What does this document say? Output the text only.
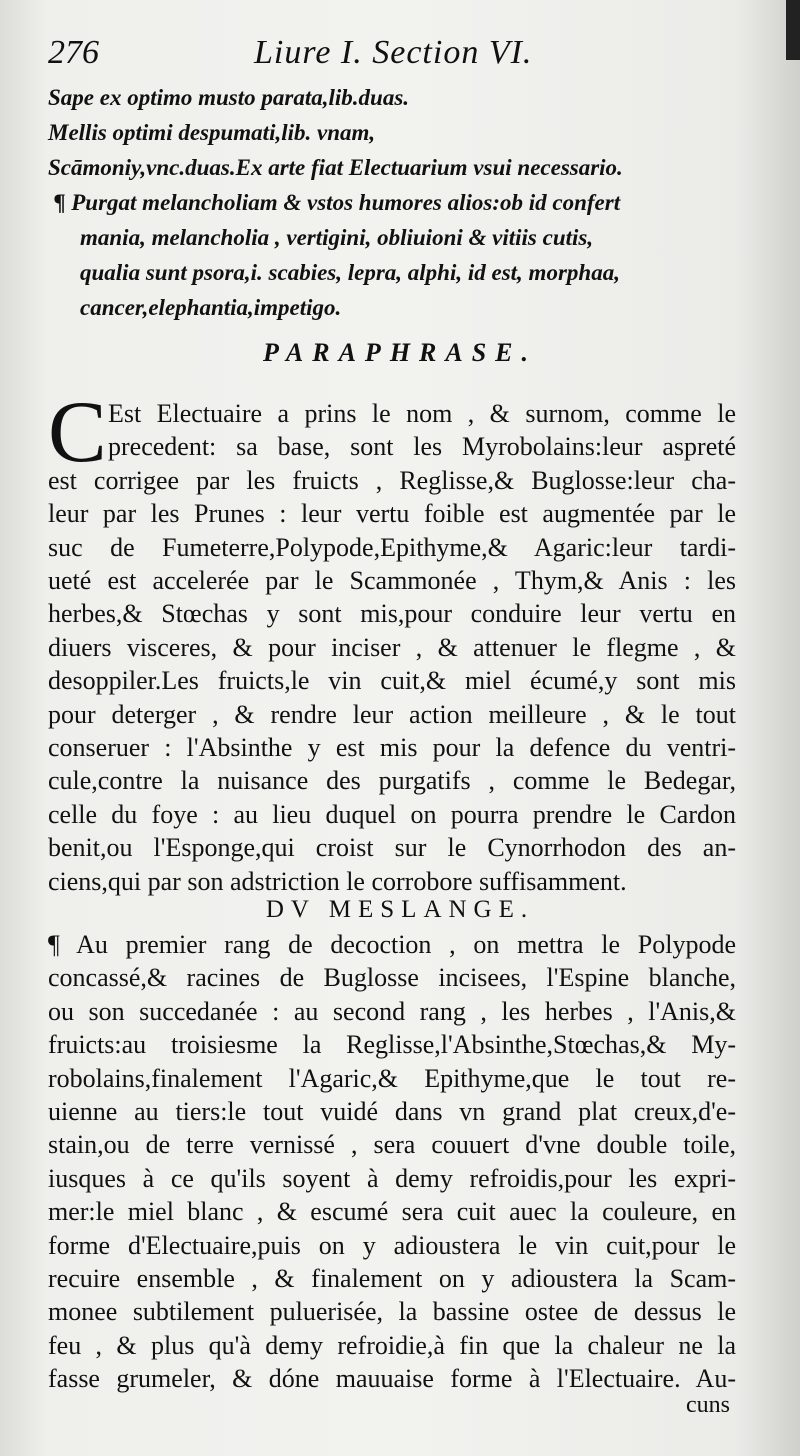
276	Liure I. Section VI.
Sape ex optimo musto parata,lib.duas.
Mellis optimi despumati,lib. vnam,
Scāmoniy,vnc.duas.Ex arte fiat Electuarium vsui necessario.
¶ Purgat melancholiam & vstos humores alios:ob id confert
mania, melancholia , vertigini, obliuioni & vitiis cutis,
qualia sunt psora,i. scabies, lepra, alphi, id est, morphaa,
cancer,elephantia,impetigo.
PARAPHRASE.
C Est Electuaire a prins le nom , & surnom, comme le
precedent: sa base, sont les Myrobolains:leur aspreté
est corrigee par les fruicts , Reglisse,& Buglosse:leur cha-
leur par les Prunes : leur vertu foible est augmentée par le
suc de Fumeterre,Polypode,Epithyme,& Agaric:leur tardi-
ueté est accelerée par le Scammonée , Thym,& Anis : les
herbes,& Stœchas y sont mis,pour conduire leur vertu en
diuers visceres, & pour inciser , & attenuer le flegme , &
desoppiler.Les fruicts,le vin cuit,& miel écumé,y sont mis
pour deterger , & rendre leur action meilleure , & le tout
conseruer : l'Absinthe y est mis pour la defence du ventri-
cule,contre la nuisance des purgatifs , comme le Bedegar,
celle du foye : au lieu duquel on pourra prendre le Cardon
benit,ou l'Esponge,qui croist sur le Cynorrhodon des an-
ciens,qui par son adstriction le corrobore suffisamment.
DV MESLANGE.
¶ Au premier rang de decoction , on mettra le Polypode
concassé,& racines de Buglosse incisees, l'Espine blanche,
ou son succedanée : au second rang , les herbes , l'Anis,&
fruicts:au troisiesme la Reglisse,l'Absinthe,Stœchas,& My-
robolains,finalement l'Agaric,& Epithyme,que le tout re-
uienne au tiers:le tout vuidé dans vn grand plat creux,d'e-
stain,ou de terre vernissé , sera couuert d'vne double toile,
iusques à ce qu'ils soyent à demy refroidis,pour les expri-
mer:le miel blanc , & escumé sera cuit auec la couleure, en
forme d'Electuaire,puis on y adioustera le vin cuit,pour le
recuire ensemble , & finalement on y adioustera la Scam-
monee subtilement puluerisée, la bassine ostee de dessus le
feu , & plus qu'à demy refroidie,à fin que la chaleur ne la
fasse grumeler, & dóne mauuaise forme à l'Electuaire. Au-
cuns
